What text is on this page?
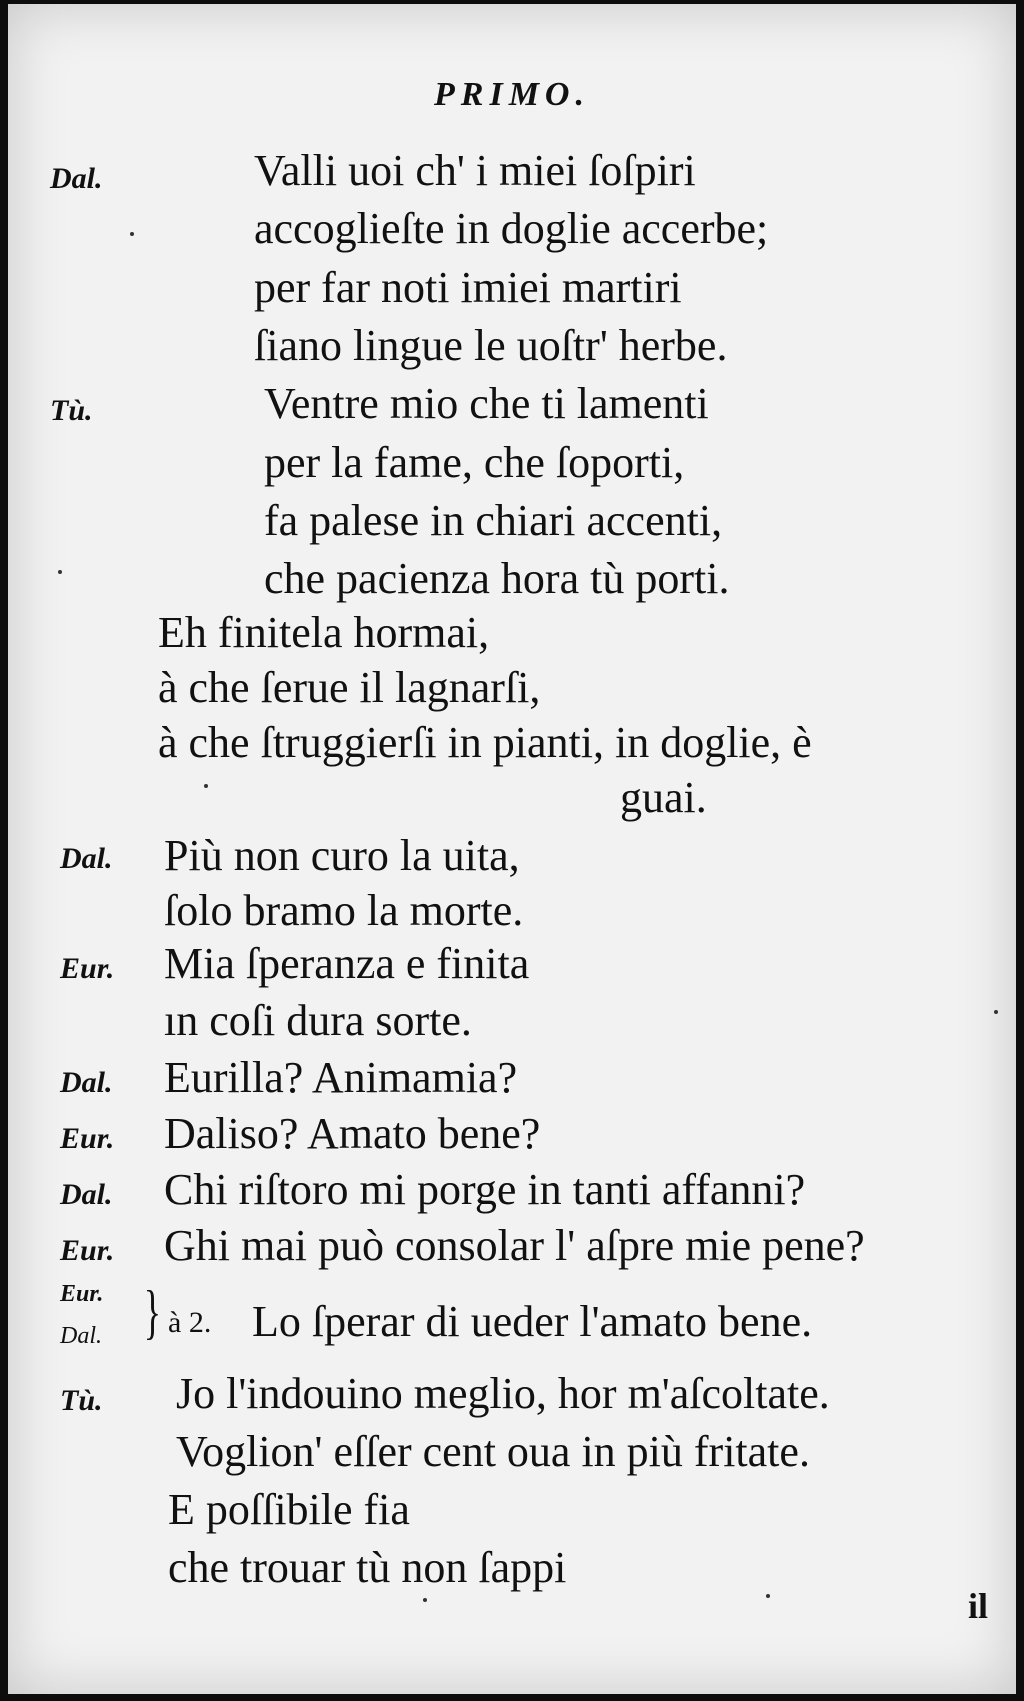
PRIMO.
Dal.	Valli uoi ch' i miei ſoſpiri
accoglieſte in doglie accerbe;
per far noti imiei martiri
ſiano lingue le uoſtr' herbe.
Tù.	Ventre mio che ti lamenti
per la fame, che ſoporti,
fa palese in chiari accenti,
che pacienza hora tù porti.
Eh finitela hormai,
à che ſerue il lagnarſi,
à che ſtruggierſi in pianti, in doglie, è
guai.
Dal. Più non curo la uita,
ſolo bramo la morte.
Eur. Mia ſperanza e finita
ın coſi dura sorte.
Dal. Eurilla? Animamia?
Eur. Daliso? Amato bene?
Dal. Chi riſtoro mi porge in tanti affanni?
Eur. Ghi mai può consolar l' aſpre mie pene?
Eur.
Dal. } à 2. Lo ſperar di ueder l'amato bene.
Tù. Jo l'indouino meglio, hor m'aſcoltate.
Voglion' eſſer cent oua in più fritate.
E poſſibile fia
che trouar tù non ſappi
il
